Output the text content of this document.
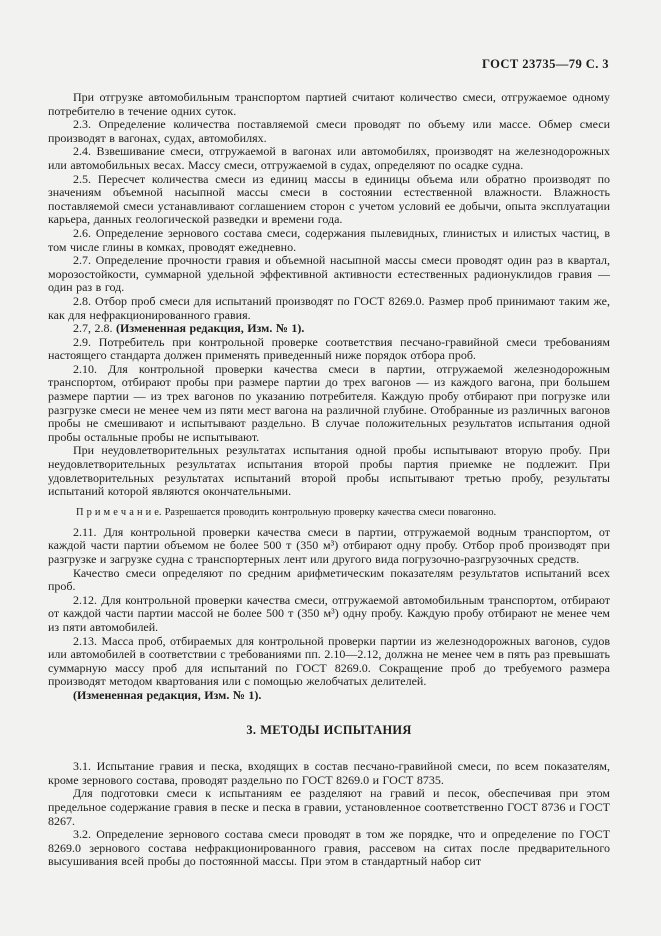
ГОСТ 23735—79 С. 3

При отгрузке автомобильным транспортом партией считают количество смеси, отгружаемое одному потребителю в течение одних суток.

2.3. Определение количества поставляемой смеси проводят по объему или массе. Обмер смеси производят в вагонах, судах, автомобилях.

2.4. Взвешивание смеси, отгружаемой в вагонах или автомобилях, производят на железнодорожных или автомобильных весах. Массу смеси, отгружаемой в судах, определяют по осадке судна.

2.5. Пересчет количества смеси из единиц массы в единицы объема или обратно производят по значениям объемной насыпной массы смеси в состоянии естественной влажности. Влажность поставляемой смеси устанавливают соглашением сторон с учетом условий ее добычи, опыта эксплуатации карьера, данных геологической разведки и времени года.

2.6. Определение зернового состава смеси, содержания пылевидных, глинистых и илистых частиц, в том числе глины в комках, проводят ежедневно.

2.7. Определение прочности гравия и объемной насыпной массы смеси проводят один раз в квартал, морозостойкости, суммарной удельной эффективной активности естественных радионуклидов гравия — один раз в год.

2.8. Отбор проб смеси для испытаний производят по ГОСТ 8269.0. Размер проб принимают таким же, как для нефракционированного гравия.

2.7, 2.8. (Измененная редакция, Изм. № 1).

2.9. Потребитель при контрольной проверке соответствия песчано-гравийной смеси требованиям настоящего стандарта должен применять приведенный ниже порядок отбора проб.

2.10. Для контрольной проверки качества смеси в партии, отгружаемой железнодорожным транспортом, отбирают пробы при размере партии до трех вагонов — из каждого вагона, при большем размере партии — из трех вагонов по указанию потребителя. Каждую пробу отбирают при погрузке или разгрузке смеси не менее чем из пяти мест вагона на различной глубине. Отобранные из различных вагонов пробы не смешивают и испытывают раздельно. В случае положительных результатов испытания одной пробы остальные пробы не испытывают.

При неудовлетворительных результатах испытания одной пробы испытывают вторую пробу. При неудовлетворительных результатах испытания второй пробы партия приемке не подлежит. При удовлетворительных результатах испытаний второй пробы испытывают третью пробу, результаты испытаний которой являются окончательными.

П р и м е ч а н и е. Разрешается проводить контрольную проверку качества смеси повагонно.

2.11. Для контрольной проверки качества смеси в партии, отгружаемой водным транспортом, от каждой части партии объемом не более 500 т (350 м³) отбирают одну пробу. Отбор проб производят при разгрузке и загрузке судна с транспортерных лент или другого вида погрузочно-разгрузочных средств.

Качество смеси определяют по средним арифметическим показателям результатов испытаний всех проб.

2.12. Для контрольной проверки качества смеси, отгружаемой автомобильным транспортом, отбирают от каждой части партии массой не более 500 т (350 м³) одну пробу. Каждую пробу отбирают не менее чем из пяти автомобилей.

2.13. Масса проб, отбираемых для контрольной проверки партии из железнодорожных вагонов, судов или автомобилей в соответствии с требованиями пп. 2.10—2.12, должна не менее чем в пять раз превышать суммарную массу проб для испытаний по ГОСТ 8269.0. Сокращение проб до требуемого размера производят методом квартования или с помощью желобчатых делителей.

(Измененная редакция, Изм. № 1).

3. МЕТОДЫ ИСПЫТАНИЯ

3.1. Испытание гравия и песка, входящих в состав песчано-гравийной смеси, по всем показателям, кроме зернового состава, проводят раздельно по ГОСТ 8269.0 и ГОСТ 8735.

Для подготовки смеси к испытаниям ее разделяют на гравий и песок, обеспечивая при этом предельное содержание гравия в песке и песка в гравии, установленное соответственно ГОСТ 8736 и ГОСТ 8267.

3.2. Определение зернового состава смеси проводят в том же порядке, что и определение по ГОСТ 8269.0 зернового состава нефракционированного гравия, рассевом на ситах после предварительного высушивания всей пробы до постоянной массы. При этом в стандартный набор сит
